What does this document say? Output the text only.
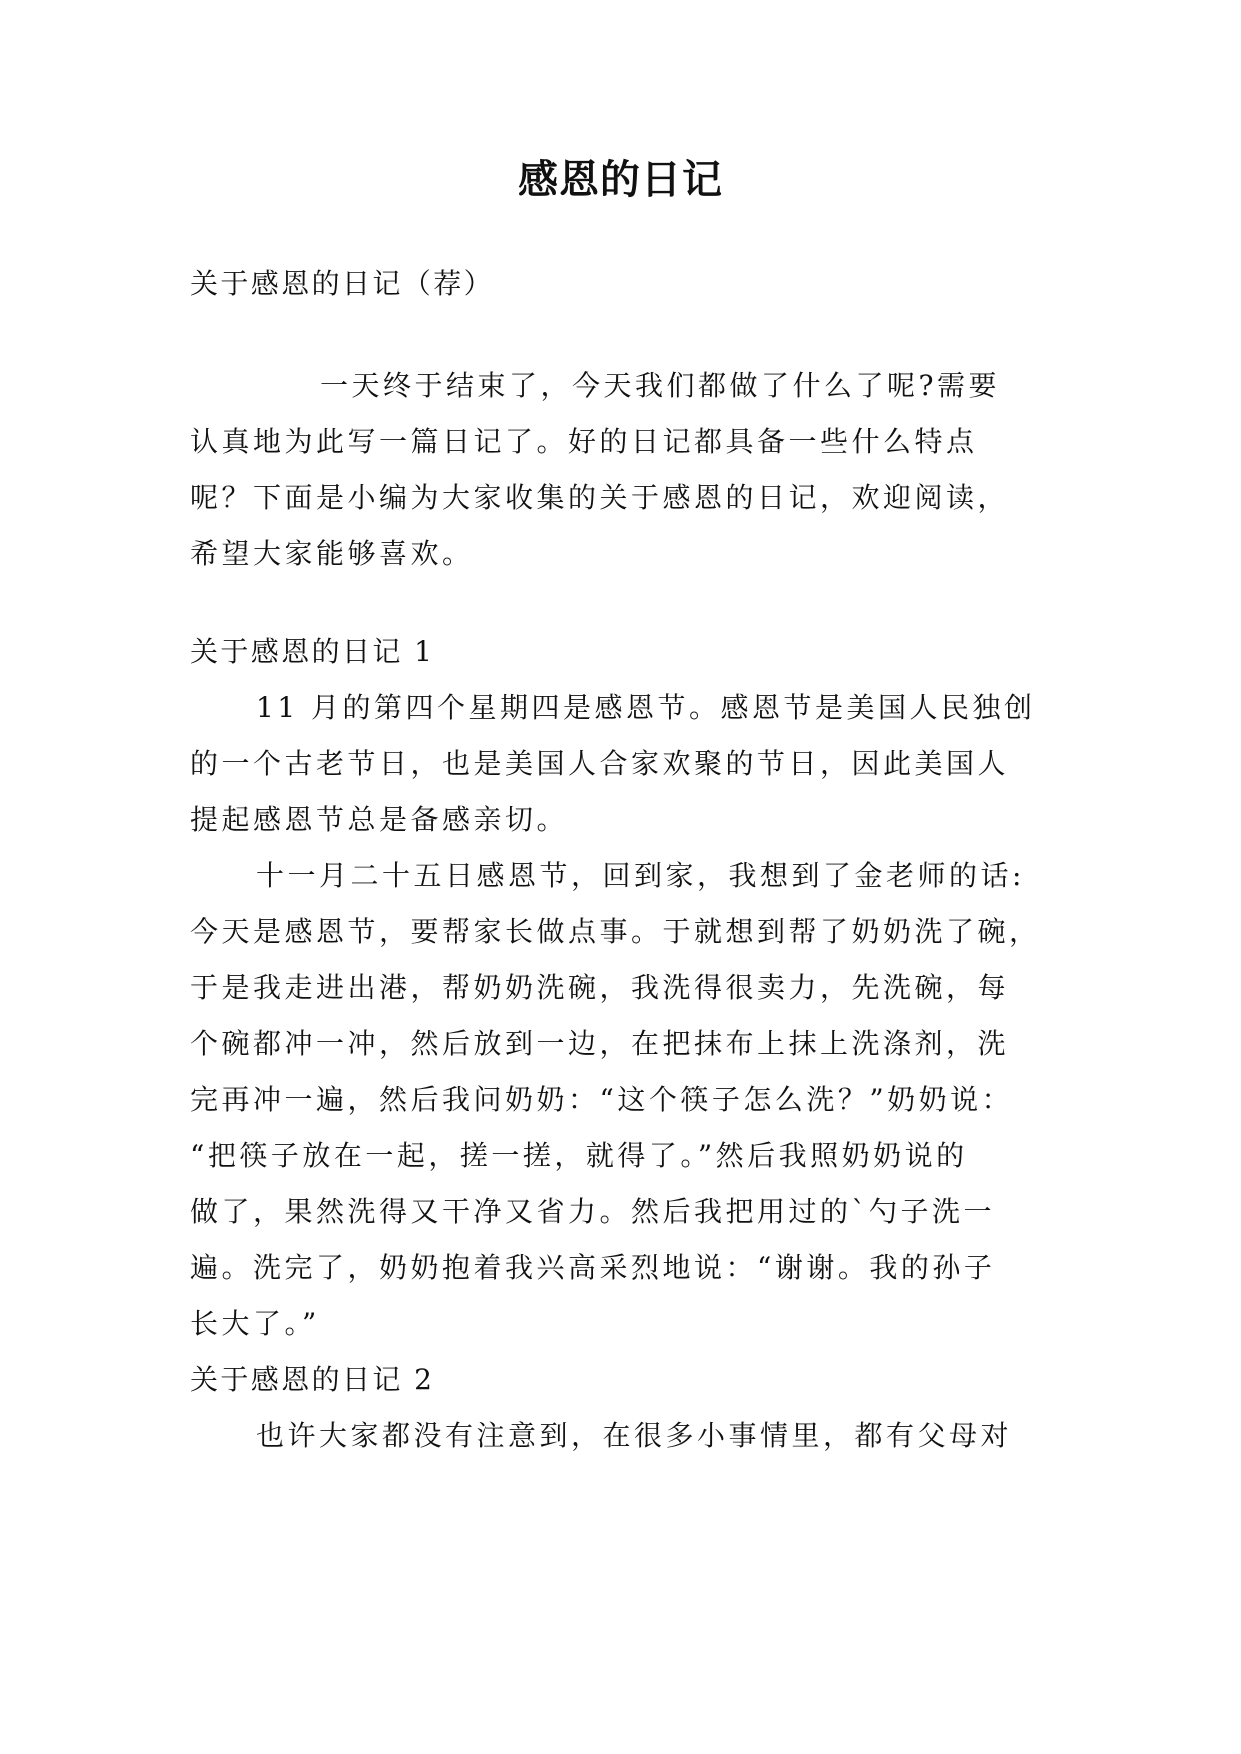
感恩的日记
关于感恩的日记（荐）
一天终于结束了，今天我们都做了什么了呢?需要
认真地为此写一篇日记了。好的日记都具备一些什么特点
呢？下面是小编为大家收集的关于感恩的日记，欢迎阅读，
希望大家能够喜欢。
关于感恩的日记 1
11 月的第四个星期四是感恩节。感恩节是美国人民独创
的一个古老节日，也是美国人合家欢聚的节日，因此美国人
提起感恩节总是备感亲切。
十一月二十五日感恩节，回到家，我想到了金老师的话:
今天是感恩节，要帮家长做点事。于就想到帮了奶奶洗了碗，
于是我走进出港，帮奶奶洗碗，我洗得很卖力，先洗碗，每
个碗都冲一冲，然后放到一边，在把抹布上抹上洗涤剂，洗
完再冲一遍，然后我问奶奶：“这个筷子怎么洗？”奶奶说：
“把筷子放在一起，搓一搓，就得了。”然后我照奶奶说的
做了，果然洗得又干净又省力。然后我把用过的`勺子洗一
遍。洗完了，奶奶抱着我兴高采烈地说：“谢谢。我的孙子
长大了。”
关于感恩的日记 2
也许大家都没有注意到，在很多小事情里，都有父母对
